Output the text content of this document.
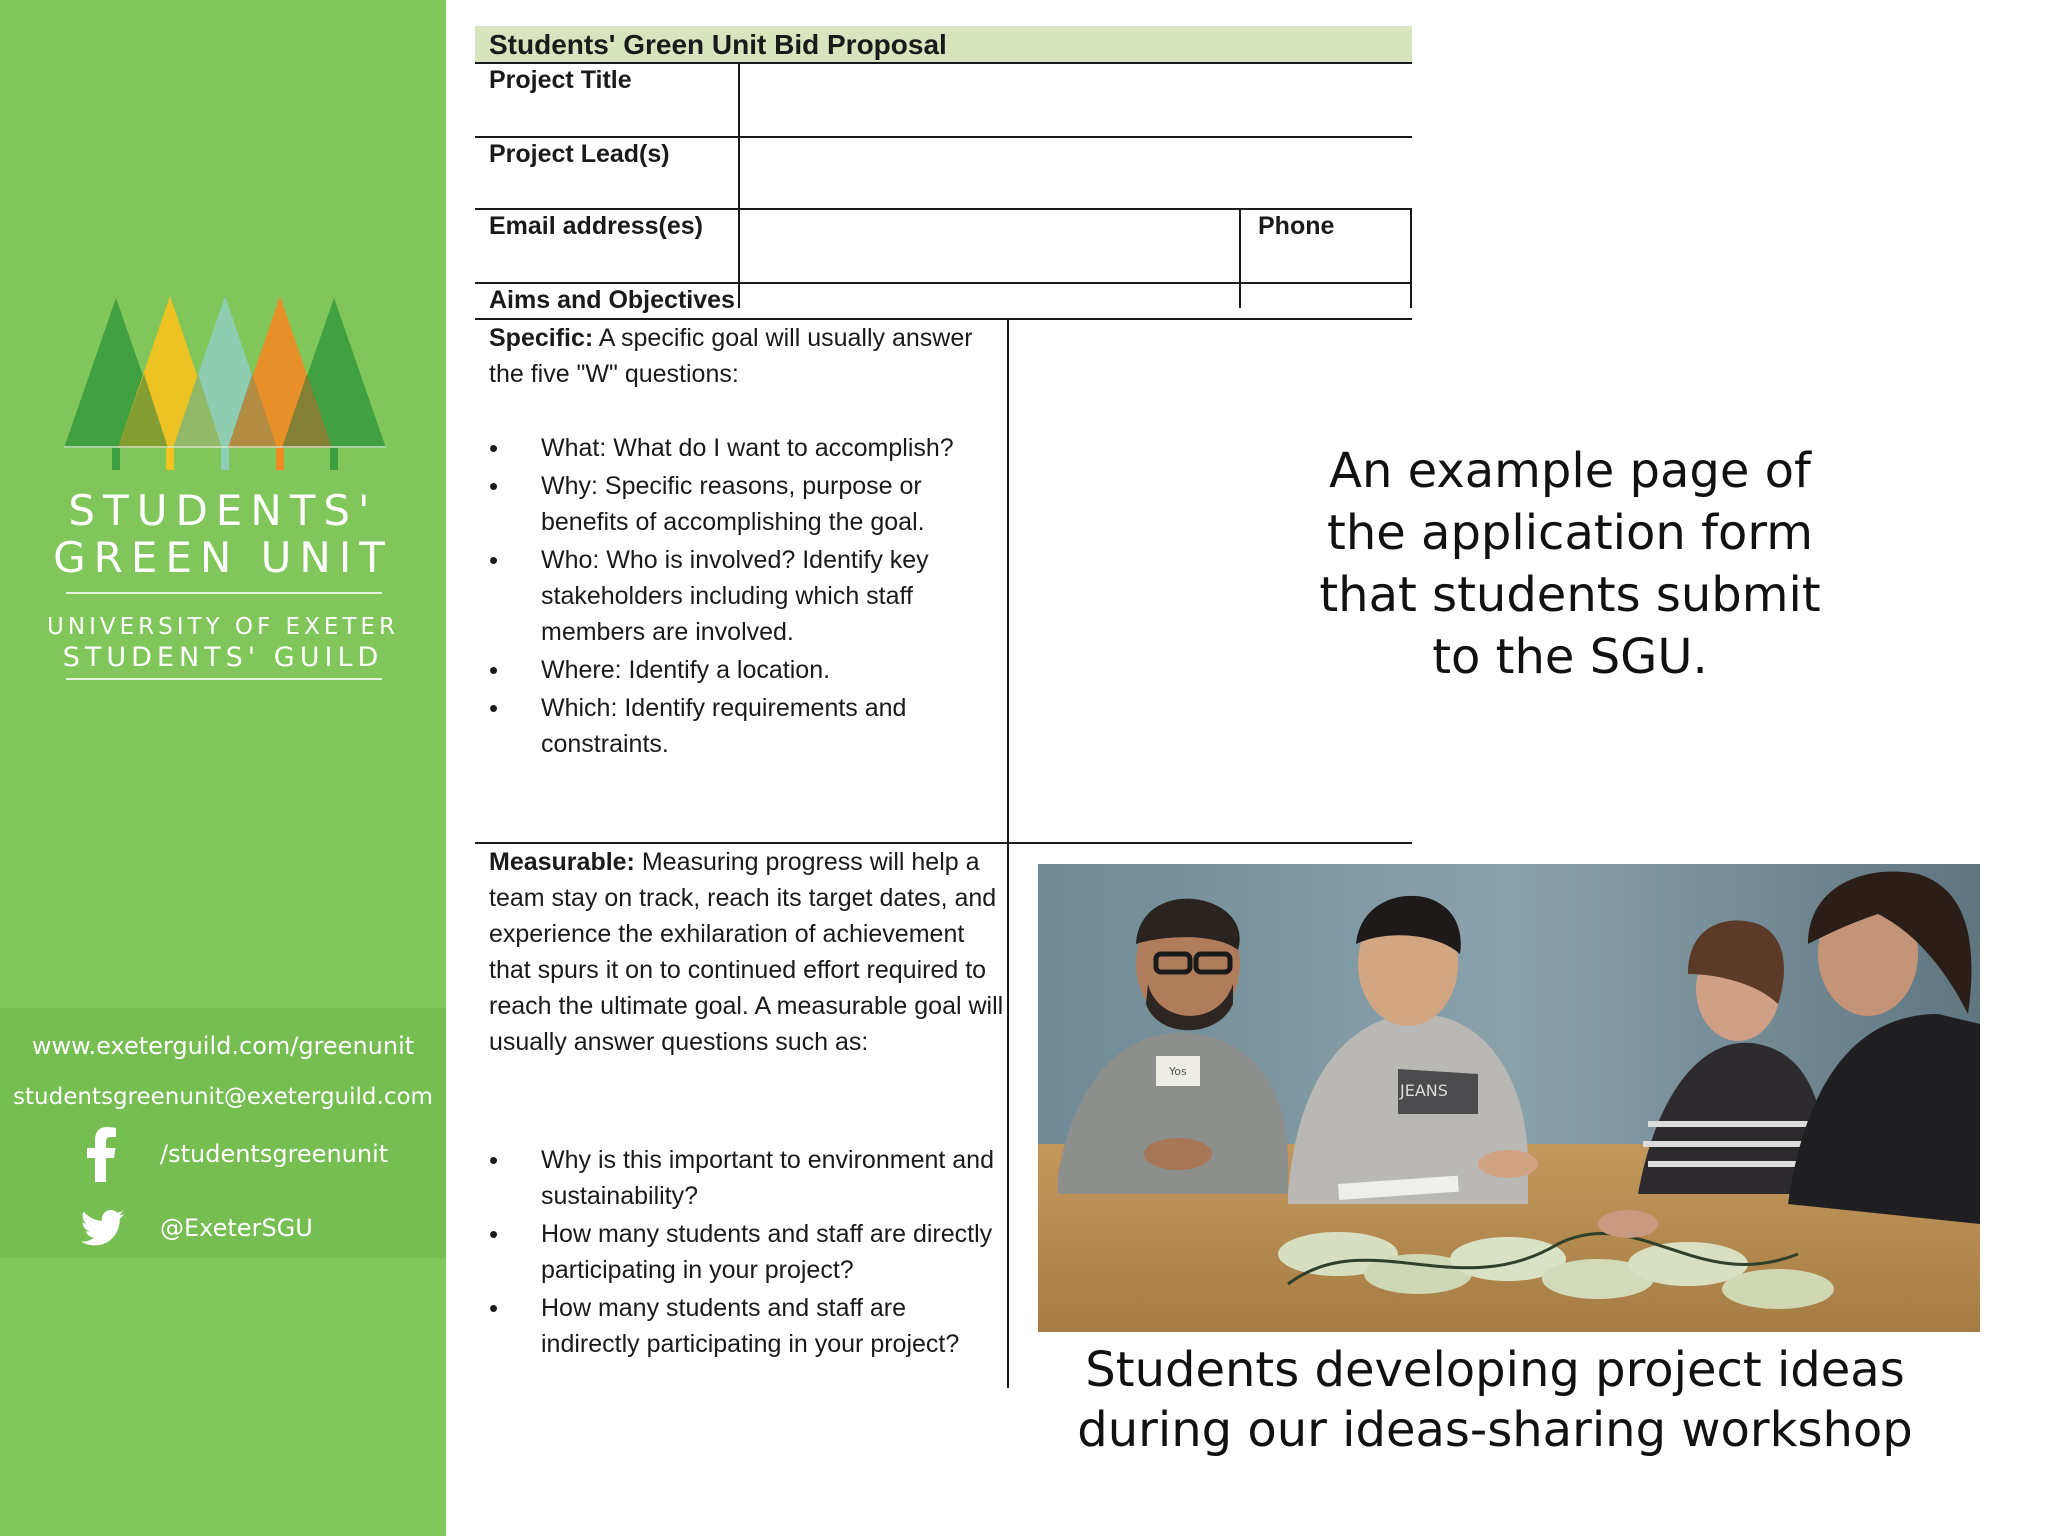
STUDENTS'
GREEN UNIT
UNIVERSITY OF EXETER
STUDENTS' GUILD
www.exeterguild.com/greenunit
studentsgreenunit@exeterguild.com
/studentsgreenunit
@ExeterSGU
Students' Green Unit Bid Proposal
Project Title
Project Lead(s)
Email address(es)	Phone
Aims and Objectives
Specific: A specific goal will usually answer the five "W" questions:
• What: What do I want to accomplish?
• Why: Specific reasons, purpose or benefits of accomplishing the goal.
• Who: Who is involved? Identify key stakeholders including which staff members are involved.
• Where: Identify a location.
• Which: Identify requirements and constraints.
Measurable: Measuring progress will help a team stay on track, reach its target dates, and experience the exhilaration of achievement that spurs it on to continued effort required to reach the ultimate goal. A measurable goal will usually answer questions such as:
• Why is this important to environment and sustainability?
• How many students and staff are directly participating in your project?
• How many students and staff are indirectly participating in your project?
An example page of the application form that students submit to the SGU.
Yos
JEANS
Students developing project ideas during our ideas-sharing workshop
